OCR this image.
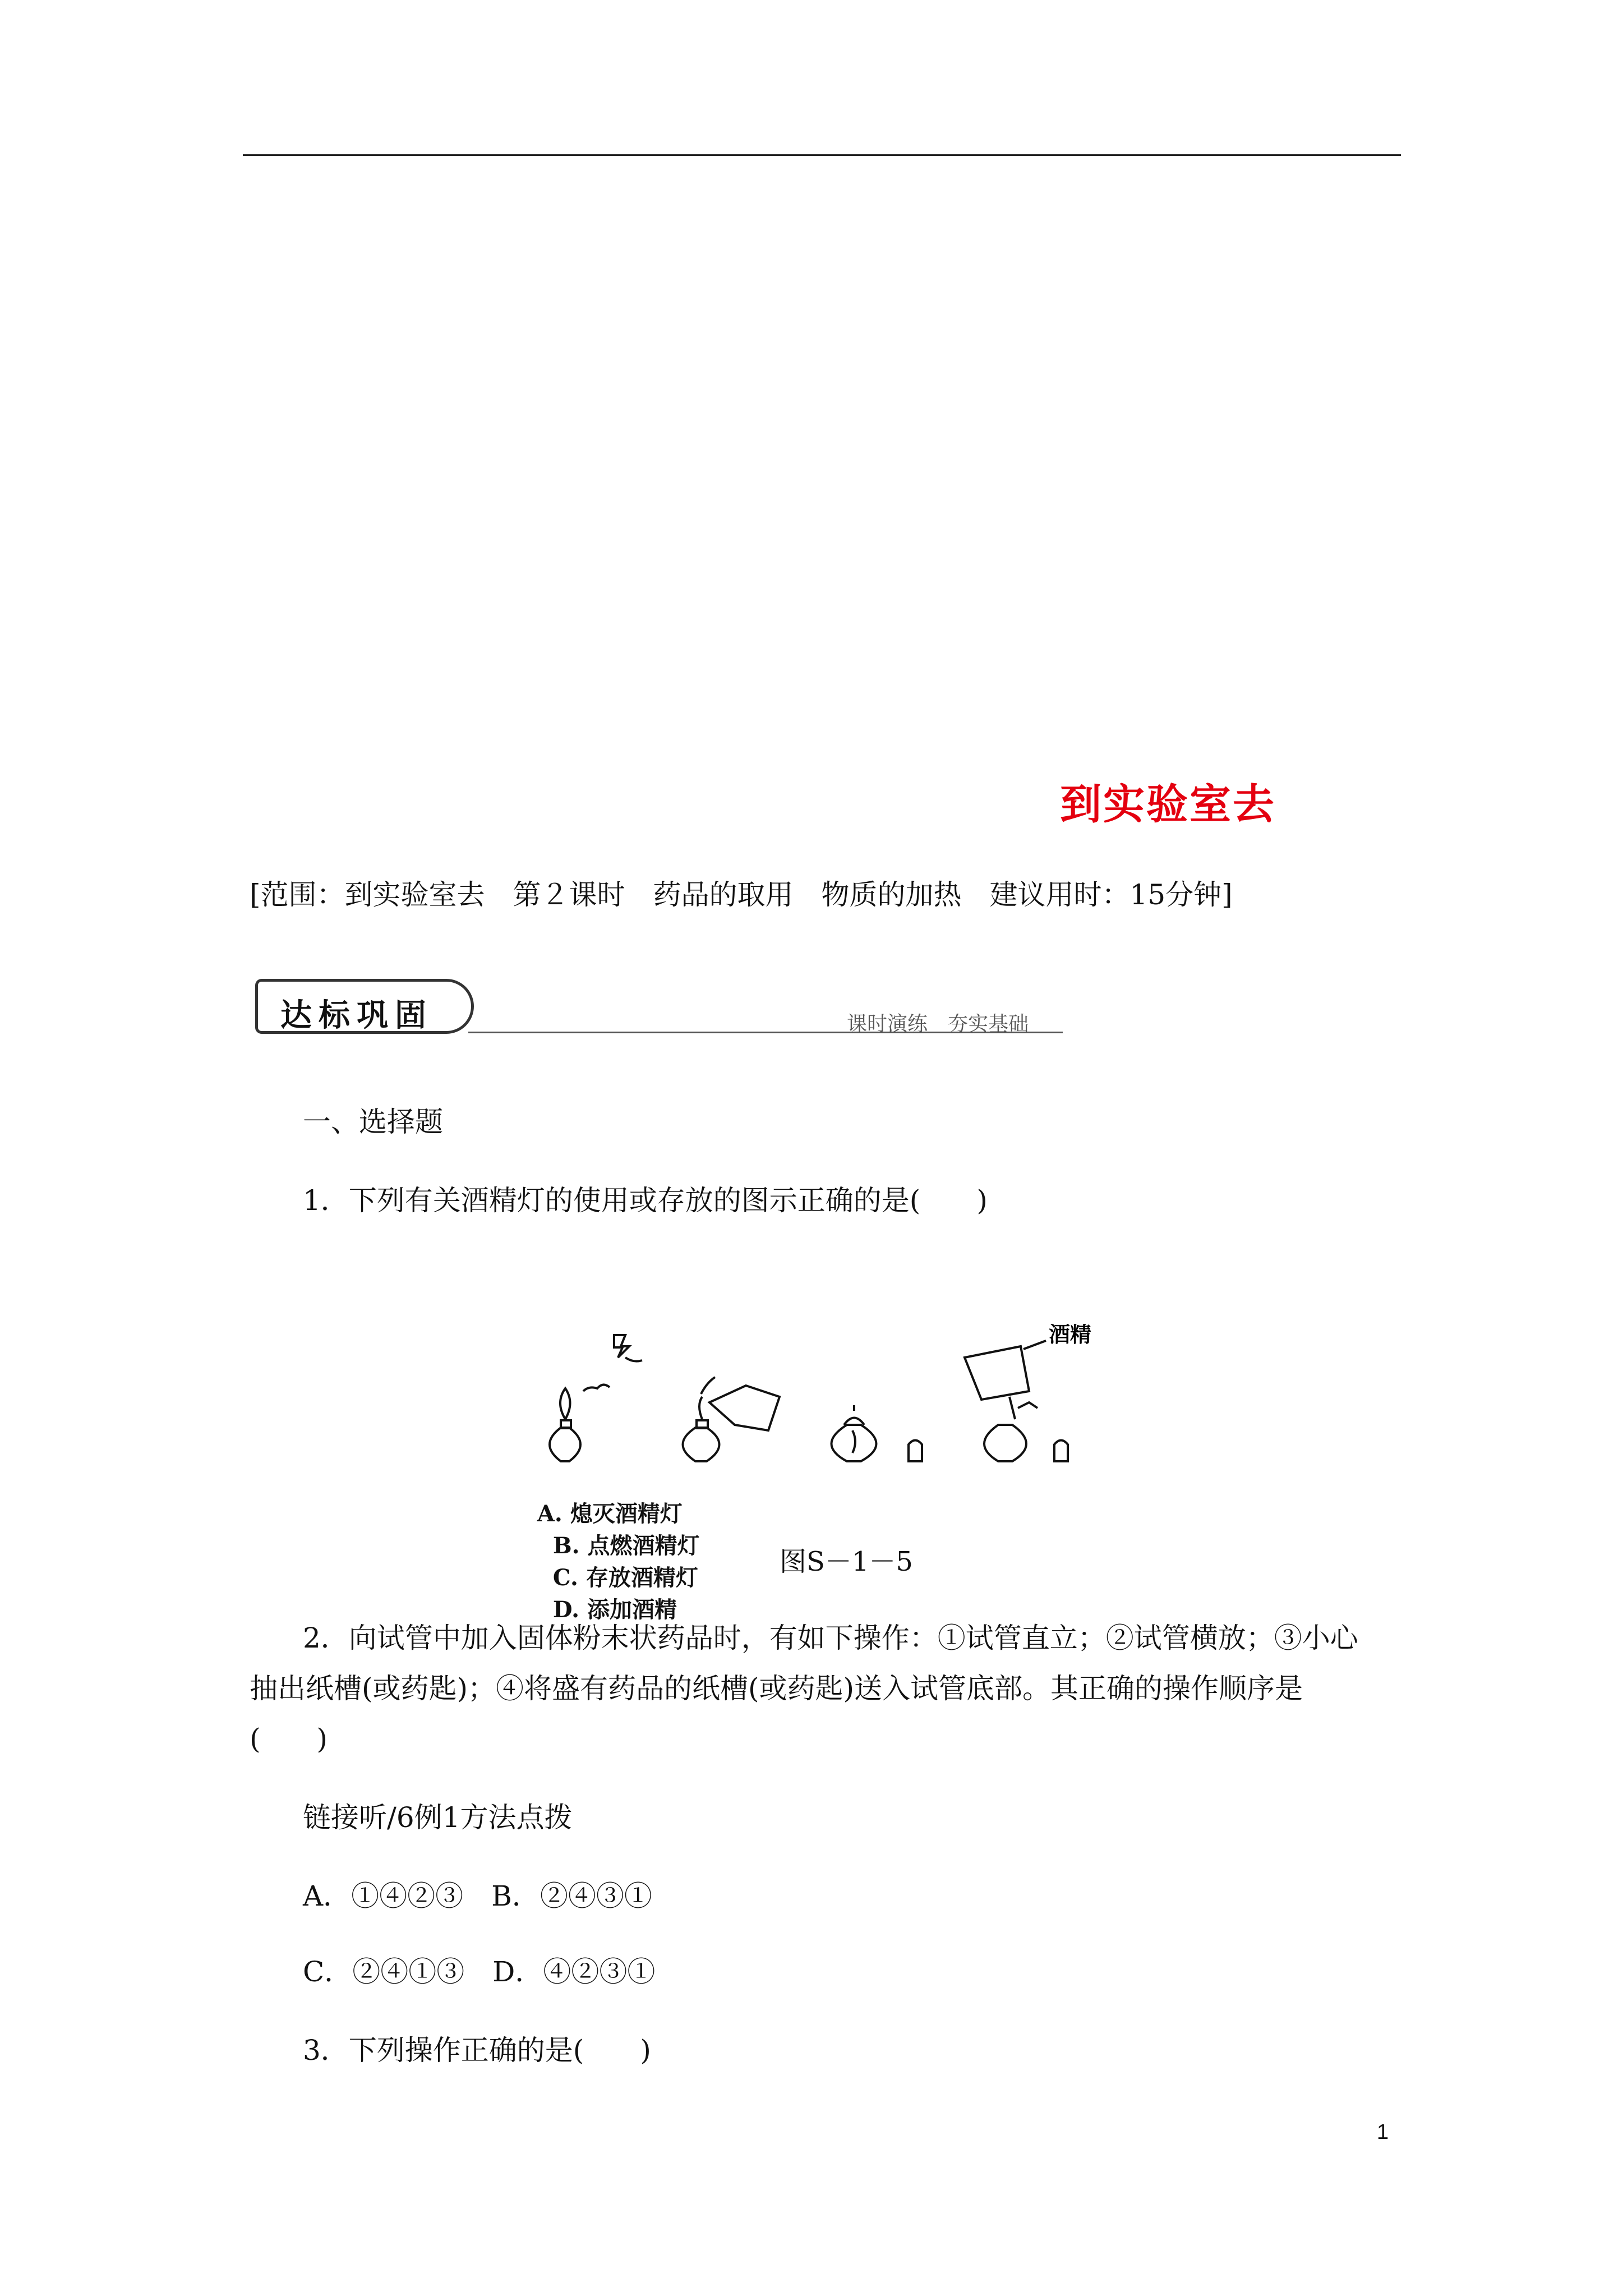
到实验室去
[范围：到实验室去　第２课时　药品的取用　物质的加热　建议用时：15分钟]
达标巩固	课时演练　夯实基础
一、选择题
1．下列有关酒精灯的使用或存放的图示正确的是(　　)
酒精

A. 熄灭酒精灯
B. 点燃酒精灯
C. 存放酒精灯
D. 添加酒精

图S－1－5
2．向试管中加入固体粉末状药品时，有如下操作：①试管直立；②试管横放；③小心
抽出纸槽(或药匙)；④将盛有药品的纸槽(或药匙)送入试管底部。其正确的操作顺序是
(　　)
链接听/6例1方法点拨
A．①④②③　B．②④③①
C．②④①③　D．④②③①
3．下列操作正确的是(　　)
1
